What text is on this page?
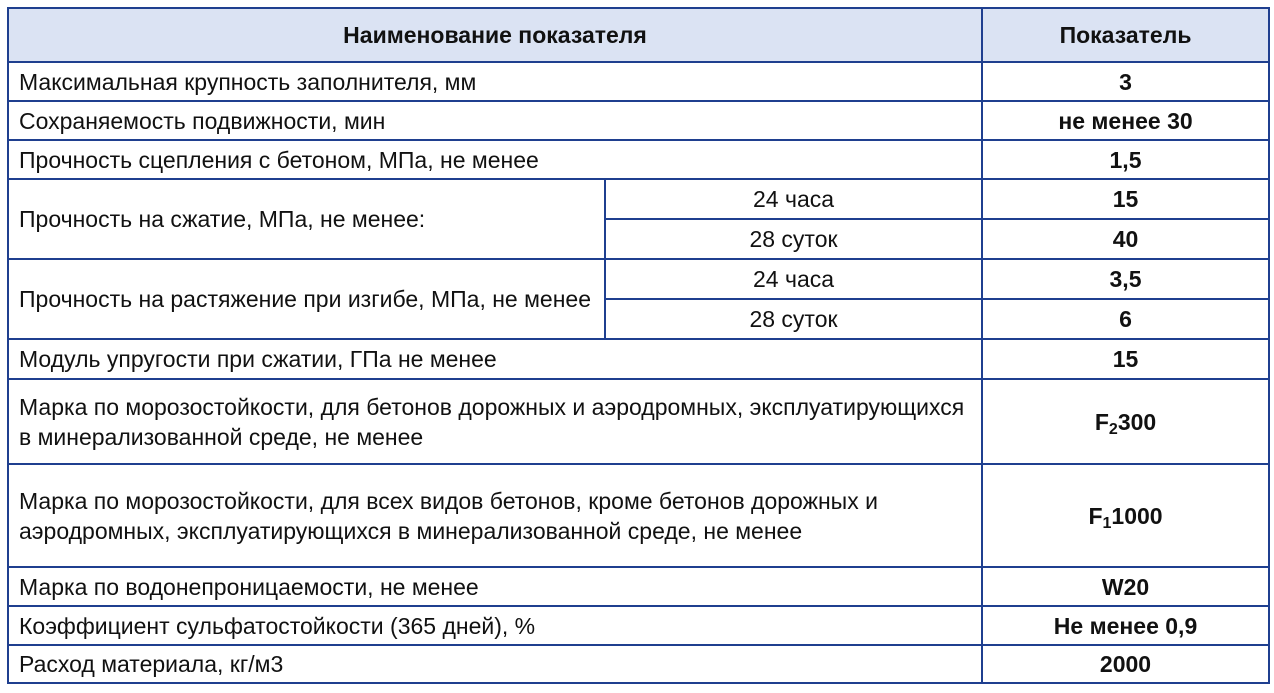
Наименование показателя		Показатель
Максимальная крупность заполнителя, мм		3
Сохраняемость подвижности, мин		не менее 30
Прочность сцепления с бетоном, МПа, не менее		1,5
Прочность на сжатие, МПа, не менее:	24 часа	15
	28 суток	40
Прочность на растяжение при изгибе, МПа, не менее	24 часа	3,5
	28 суток	6
Модуль упругости при сжатии, ГПа не менее		15
Марка по морозостойкости, для бетонов дорожных и аэродромных, эксплуатирующихся в минерализованной среде, не менее		$F_2300$
Марка по морозостойкости, для всех видов бетонов, кроме бетонов дорожных и аэродромных, эксплуатирующихся в минерализованной среде, не менее		$F_11000$
Марка по водонепроницаемости, не менее		W20
Коэффициент сульфатостойкости (365 дней), %		Не менее 0,9
Расход материала, кг/м3		2000
